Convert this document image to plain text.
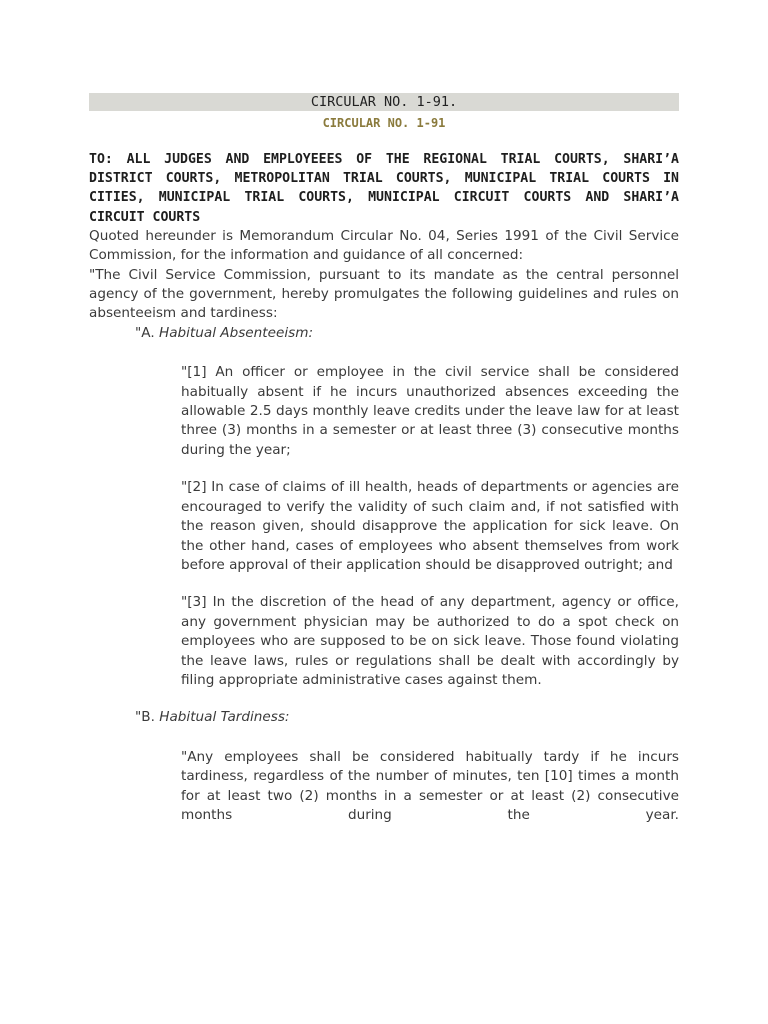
CIRCULAR NO. 1-91.
CIRCULAR NO. 1-91
TO: ALL JUDGES AND EMPLOYEEES OF THE REGIONAL TRIAL COURTS, SHARI’A DISTRICT COURTS, METROPOLITAN TRIAL COURTS, MUNICIPAL TRIAL COURTS IN CITIES, MUNICIPAL TRIAL COURTS, MUNICIPAL CIRCUIT COURTS AND SHARI’A CIRCUIT COURTS
Quoted hereunder is Memorandum Circular No. 04, Series 1991 of the Civil Service Commission, for the information and guidance of all concerned:
"The Civil Service Commission, pursuant to its mandate as the central personnel agency of the government, hereby promulgates the following guidelines and rules on absenteeism and tardiness:
"A. Habitual Absenteeism:
"[1] An officer or employee in the civil service shall be considered habitually absent if he incurs unauthorized absences exceeding the allowable 2.5 days monthly leave credits under the leave law for at least three (3) months in a semester or at least three (3) consecutive months during the year;
"[2] In case of claims of ill health, heads of departments or agencies are encouraged to verify the validity of such claim and, if not satisfied with the reason given, should disapprove the application for sick leave. On the other hand, cases of employees who absent themselves from work before approval of their application should be disapproved outright; and
"[3] In the discretion of the head of any department, agency or office, any government physician may be authorized to do a spot check on employees who are supposed to be on sick leave. Those found violating the leave laws, rules or regulations shall be dealt with accordingly by filing appropriate administrative cases against them.
"B. Habitual Tardiness:
"Any employees shall be considered habitually tardy if he incurs tardiness, regardless of the number of minutes, ten [10] times a month for at least two (2) months in a semester or at least (2) consecutive months during the year.
